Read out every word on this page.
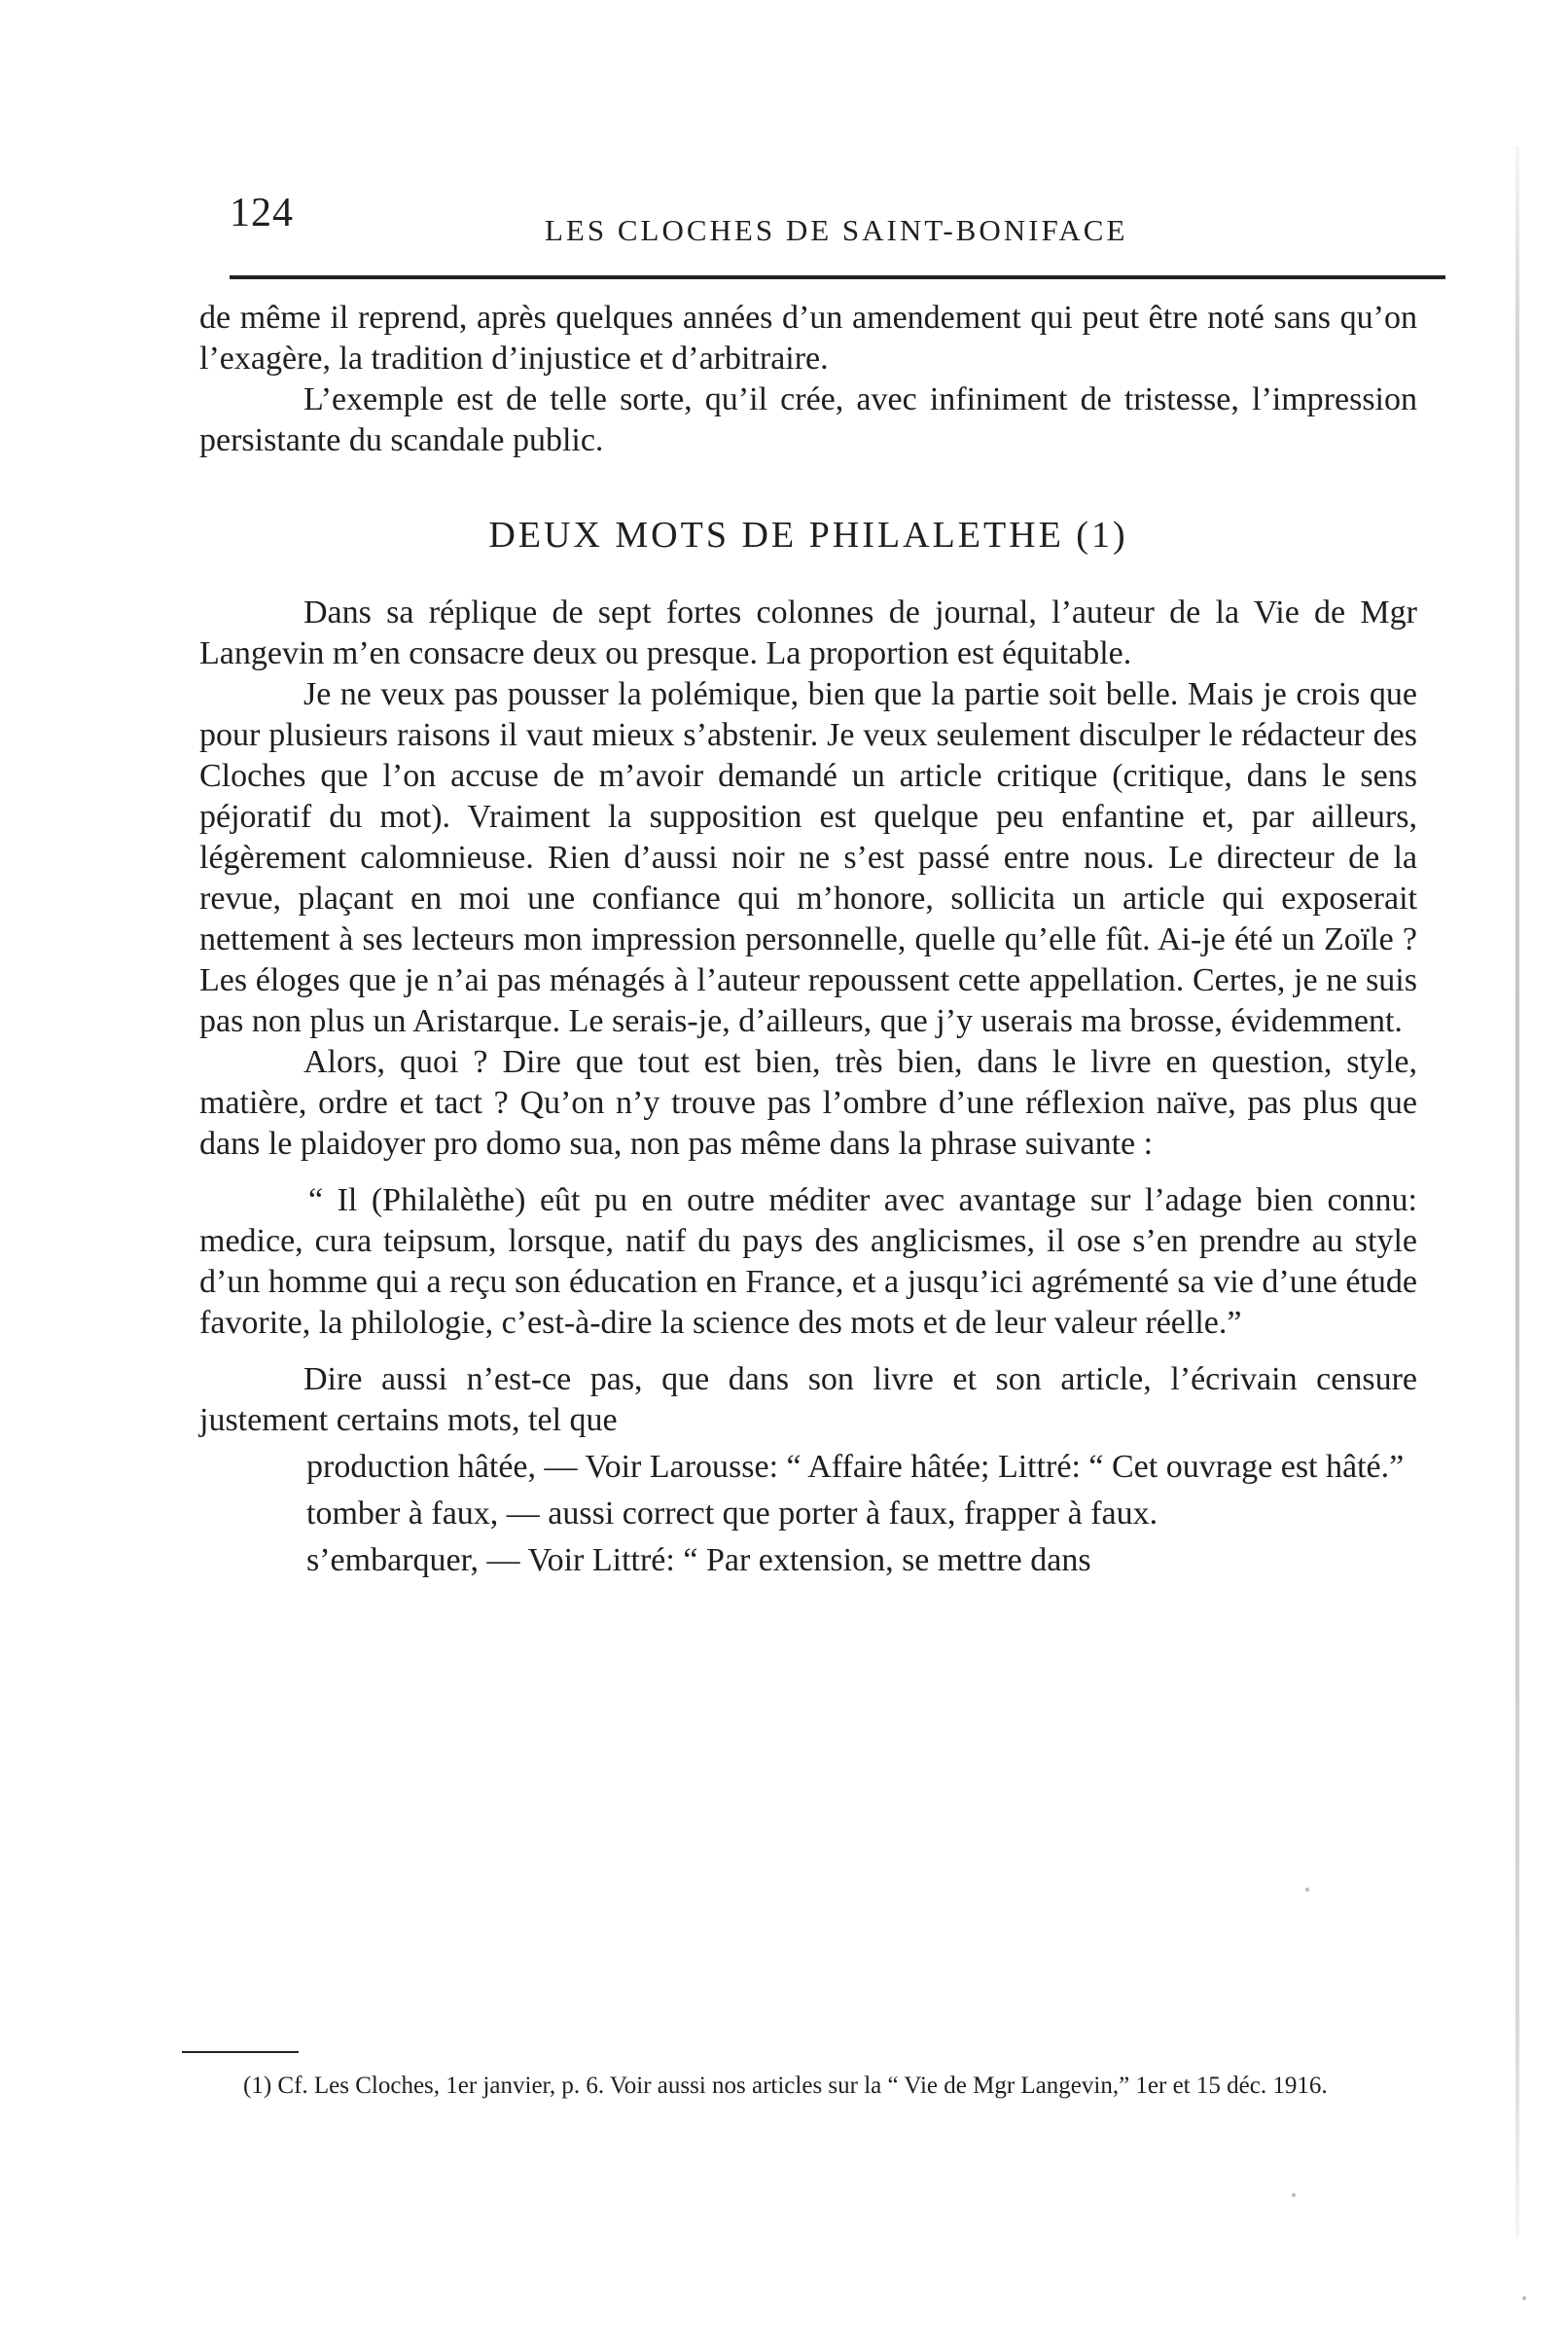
124	LES CLOCHES DE SAINT-BONIFACE

de même il reprend, après quelques années d’un amendement qui peut être noté sans qu’on l’exagère, la tradition d’injustice et d’arbitraire.

L’exemple est de telle sorte, qu’il crée, avec infiniment de tristesse, l’impression persistante du scandale public.

DEUX MOTS DE PHILALETHE (1)

Dans sa réplique de sept fortes colonnes de journal, l’auteur de la Vie de Mgr Langevin m’en consacre deux ou presque. La proportion est équitable.

Je ne veux pas pousser la polémique, bien que la partie soit belle. Mais je crois que pour plusieurs raisons il vaut mieux s’abstenir. Je veux seulement disculper le rédacteur des Cloches que l’on accuse de m’avoir demandé un article critique (critique, dans le sens péjoratif du mot). Vraiment la supposition est quelque peu enfantine et, par ailleurs, légèrement calomnieuse. Rien d’aussi noir ne s’est passé entre nous. Le directeur de la revue, plaçant en moi une confiance qui m’honore, sollicita un article qui exposerait nettement à ses lecteurs mon impression personnelle, quelle qu’elle fût. Ai-je été un Zoïle ? Les éloges que je n’ai pas ménagés à l’auteur repoussent cette appellation. Certes, je ne suis pas non plus un Aristarque. Le serais-je, d’ailleurs, que j’y userais ma brosse, évidemment.

Alors, quoi ? Dire que tout est bien, très bien, dans le livre en question, style, matière, ordre et tact ? Qu’on n’y trouve pas l’ombre d’une réflexion naïve, pas plus que dans le plaidoyer pro domo sua, non pas même dans la phrase suivante :

“ Il (Philalèthe) eût pu en outre méditer avec avantage sur l’adage bien connu: medice, cura teipsum, lorsque, natif du pays des anglicismes, il ose s’en prendre au style d’un homme qui a reçu son éducation en France, et a jusqu’ici agrémenté sa vie d’une étude favorite, la philologie, c’est-à-dire la science des mots et de leur valeur réelle.”

Dire aussi n’est-ce pas, que dans son livre et son article, l’écrivain censure justement certains mots, tel que

production hâtée, — Voir Larousse: “ Affaire hâtée; Littré: “ Cet ouvrage est hâté.”

tomber à faux, — aussi correct que porter à faux, frapper à faux.

s’embarquer, — Voir Littré: “ Par extension, se mettre dans

(1) Cf. Les Cloches, 1er janvier, p. 6. Voir aussi nos articles sur la “ Vie de Mgr Langevin,” 1er et 15 déc. 1916.
